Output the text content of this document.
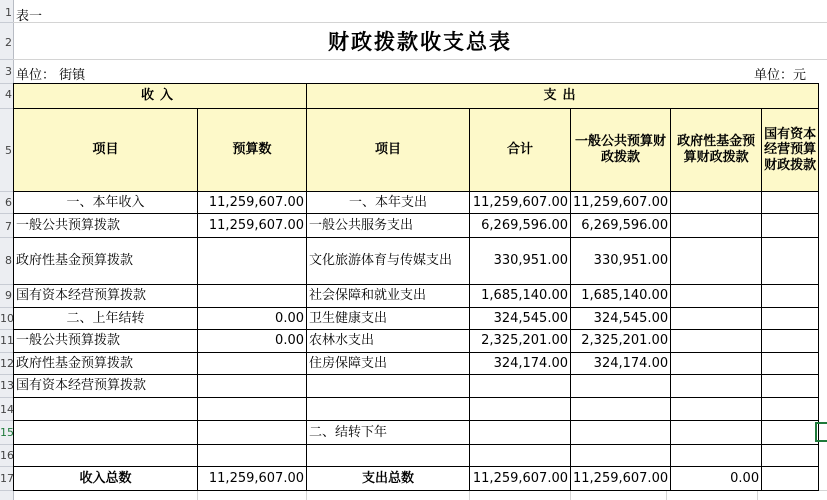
1
2
3
4
5
6
7
8
9
10
11
12
13
14
15
16
17
表一
财政拨款收支总表
单位： 街镇	单位：元
收入		支出				
项目	预算数	项目	合计	一般公共预算财政拨款	政府性基金预算财政拨款	国有资本经营预算财政拨款
一、本年收入	11,259,607.00	一、本年支出	11,259,607.00	11,259,607.00		
一般公共预算拨款	11,259,607.00	一般公共服务支出	6,269,596.00	6,269,596.00		
政府性基金预算拨款		文化旅游体育与传媒支出	330,951.00	330,951.00		
国有资本经营预算拨款		社会保障和就业支出	1,685,140.00	1,685,140.00		
二、上年结转	0.00	卫生健康支出	324,545.00	324,545.00		
一般公共预算拨款	0.00	农林水支出	2,325,201.00	2,325,201.00		
政府性基金预算拨款		住房保障支出	324,174.00	324,174.00		
国有资本经营预算拨款						

		二、结转下年				

收入总数	11,259,607.00	支出总数	11,259,607.00	11,259,607.00	0.00	
